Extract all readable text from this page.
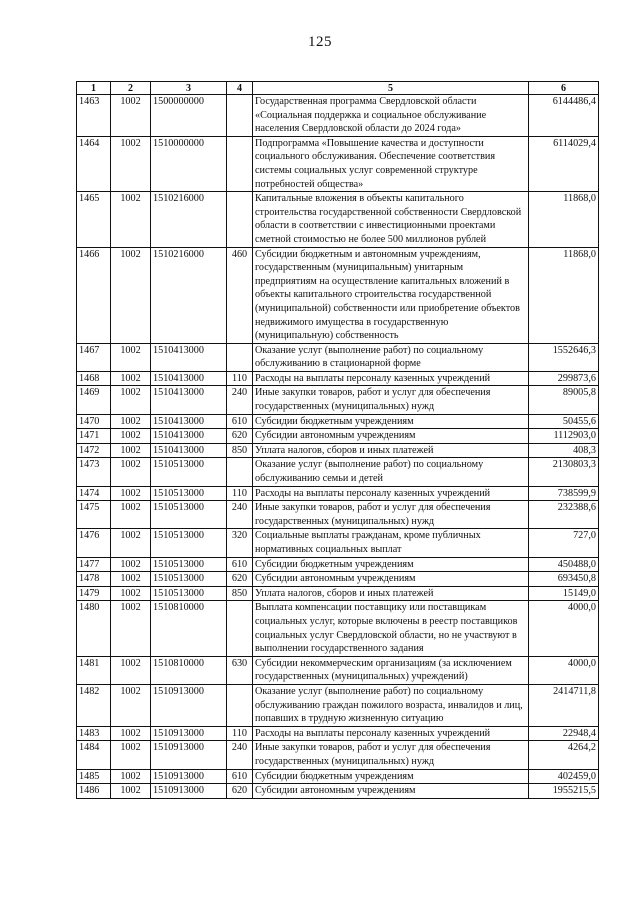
125
1	2	3	4	5	6
1463	1002	1500000000		Государственная программа Свердловской области «Социальная поддержка и социальное обслуживание населения Свердловской области до 2024 года»	6144486,4
1464	1002	1510000000		Подпрограмма «Повышение качества и доступности социального обслуживания. Обеспечение соответствия системы социальных услуг современной структуре потребностей общества»	6114029,4
1465	1002	1510216000		Капитальные вложения в объекты капитального строительства государственной собственности Свердловской области в соответствии с инвестиционными проектами сметной стоимостью не более 500 миллионов рублей	11868,0
1466	1002	1510216000	460	Субсидии бюджетным и автономным учреждениям, государственным (муниципальным) унитарным предприятиям на осуществление капитальных вложений в объекты капитального строительства государственной (муниципальной) собственности или приобретение объектов недвижимого имущества в государственную (муниципальную) собственность	11868,0
1467	1002	1510413000		Оказание услуг (выполнение работ) по социальному обслуживанию в стационарной форме	1552646,3
1468	1002	1510413000	110	Расходы на выплаты персоналу казенных учреждений	299873,6
1469	1002	1510413000	240	Иные закупки товаров, работ и услуг для обеспечения государственных (муниципальных) нужд	89005,8
1470	1002	1510413000	610	Субсидии бюджетным учреждениям	50455,6
1471	1002	1510413000	620	Субсидии автономным учреждениям	1112903,0
1472	1002	1510413000	850	Уплата налогов, сборов и иных платежей	408,3
1473	1002	1510513000		Оказание услуг (выполнение работ) по социальному обслуживанию семьи и детей	2130803,3
1474	1002	1510513000	110	Расходы на выплаты персоналу казенных учреждений	738599,9
1475	1002	1510513000	240	Иные закупки товаров, работ и услуг для обеспечения государственных (муниципальных) нужд	232388,6
1476	1002	1510513000	320	Социальные выплаты гражданам, кроме публичных нормативных социальных выплат	727,0
1477	1002	1510513000	610	Субсидии бюджетным учреждениям	450488,0
1478	1002	1510513000	620	Субсидии автономным учреждениям	693450,8
1479	1002	1510513000	850	Уплата налогов, сборов и иных платежей	15149,0
1480	1002	1510810000		Выплата компенсации поставщику или поставщикам социальных услуг, которые включены в реестр поставщиков социальных услуг Свердловской области, но не участвуют в выполнении государственного задания	4000,0
1481	1002	1510810000	630	Субсидии некоммерческим организациям (за исключением государственных (муниципальных) учреждений)	4000,0
1482	1002	1510913000		Оказание услуг (выполнение работ) по социальному обслуживанию граждан пожилого возраста, инвалидов и лиц, попавших в трудную жизненную ситуацию	2414711,8
1483	1002	1510913000	110	Расходы на выплаты персоналу казенных учреждений	22948,4
1484	1002	1510913000	240	Иные закупки товаров, работ и услуг для обеспечения государственных (муниципальных) нужд	4264,2
1485	1002	1510913000	610	Субсидии бюджетным учреждениям	402459,0
1486	1002	1510913000	620	Субсидии автономным учреждениям	1955215,5
